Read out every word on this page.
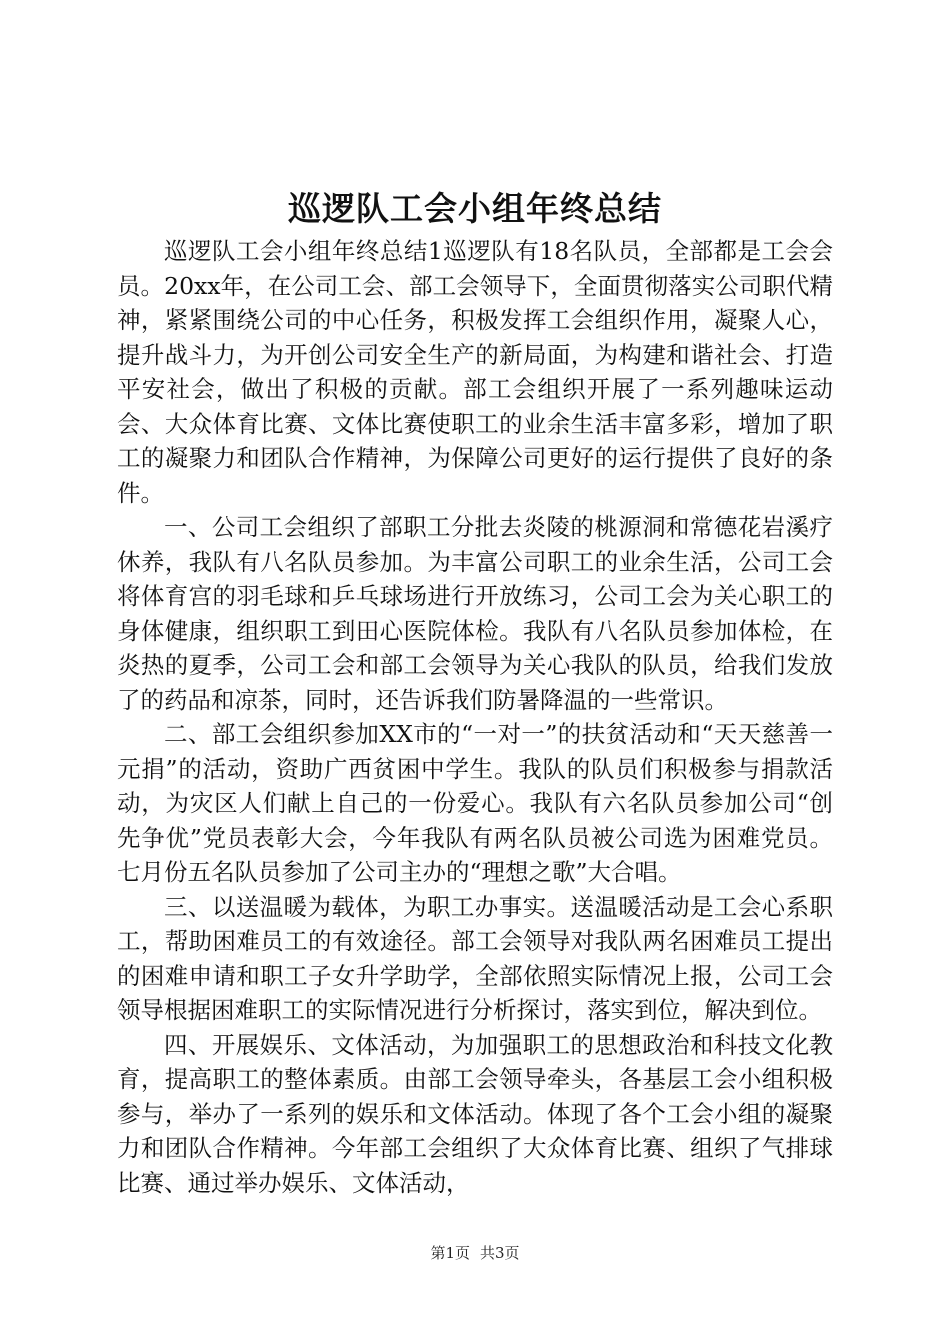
巡逻队工会小组年终总结

巡逻队工会小组年终总结1巡逻队有18名队员，全部都是工会会员。20xx年，在公司工会、部工会领导下，全面贯彻落实公司职代精神，紧紧围绕公司的中心任务，积极发挥工会组织作用，凝聚人心，提升战斗力，为开创公司安全生产的新局面，为构建和谐社会、打造平安社会，做出了积极的贡献。部工会组织开展了一系列趣味运动会、大众体育比赛、文体比赛使职工的业余生活丰富多彩，增加了职工的凝聚力和团队合作精神，为保障公司更好的运行提供了良好的条件。

一、公司工会组织了部职工分批去炎陵的桃源洞和常德花岩溪疗休养，我队有八名队员参加。为丰富公司职工的业余生活，公司工会将体育宫的羽毛球和乒乓球场进行开放练习，公司工会为关心职工的身体健康，组织职工到田心医院体检。我队有八名队员参加体检，在炎热的夏季，公司工会和部工会领导为关心我队的队员，给我们发放了的药品和凉茶，同时，还告诉我们防暑降温的一些常识。

二、部工会组织参加XX市的“一对一”的扶贫活动和“天天慈善一元捐”的活动，资助广西贫困中学生。我队的队员们积极参与捐款活动，为灾区人们献上自己的一份爱心。我队有六名队员参加公司“创先争优”党员表彰大会，今年我队有两名队员被公司选为困难党员。七月份五名队员参加了公司主办的“理想之歌”大合唱。

三、以送温暖为载体，为职工办事实。送温暖活动是工会心系职工，帮助困难员工的有效途径。部工会领导对我队两名困难员工提出的困难申请和职工子女升学助学，全部依照实际情况上报，公司工会领导根据困难职工的实际情况进行分析探讨，落实到位，解决到位。

四、开展娱乐、文体活动，为加强职工的思想政治和科技文化教育，提高职工的整体素质。由部工会领导牵头，各基层工会小组积极参与，举办了一系列的娱乐和文体活动。体现了各个工会小组的凝聚力和团队合作精神。今年部工会组织了大众体育比赛、组织了气排球比赛、通过举办娱乐、文体活动，

第1页 共3页
